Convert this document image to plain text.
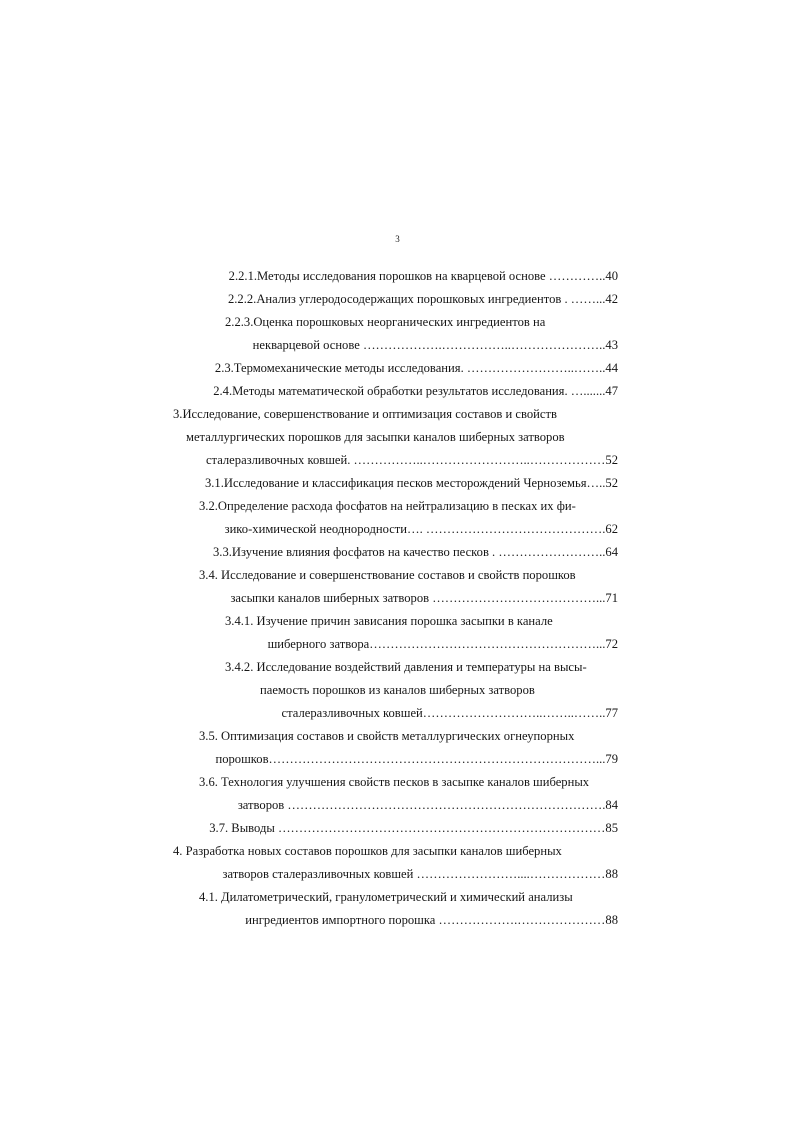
3

2.2.1.Методы исследования порошков на кварцевой основе …………..40

2.2.2.Анализ углеродосодержащих порошковых ингредиентов . ……...42

2.2.3.Оценка порошковых неорганических ингредиентов на

некварцевой основе ……………….……………..…………………..43

2.3.Термомеханические методы исследования. ……………………..……..44

2.4.Методы математической обработки результатов исследования. ….......47

3.Исследование, совершенствование и оптимизация составов и свойств

металлургических порошков для засыпки каналов шиберных затворов

сталеразливочных ковшей. ……………..……………………..………………52

3.1.Исследование и классификация песков месторождений Черноземья…..52

3.2.Определение расхода фосфатов на нейтрализацию в песках их фи-

зико-химической неоднородности…. …………………………………….62

3.3.Изучение влияния фосфатов на качество песков . ……………………..64

3.4. Исследование и совершенствование составов и свойств порошков

засыпки каналов шиберных затворов …………………………………...71

3.4.1. Изучение причин зависания порошка засыпки в канале

шиберного затвора………………………………………………...72

3.4.2. Исследование воздействий давления и температуры на высы-

паемость порошков из каналов шиберных затворов

сталеразливочных ковшей………………………..……..……..77

3.5. Оптимизация составов и свойств металлургических огнеупорных

порошков……………………………………………………………………...79

3.6. Технология улучшения свойств песков в засыпке каналов шиберных

затворов ………………………………………………………………….84

3.7. Выводы ……………………………………………………………………85

4. Разработка новых составов порошков для засыпки каналов шиберных

затворов сталеразливочных ковшей ……………………....………………88

4.1. Дилатометрический, гранулометрический и химический анализы

ингредиентов импортного порошка ……………….…………………88
